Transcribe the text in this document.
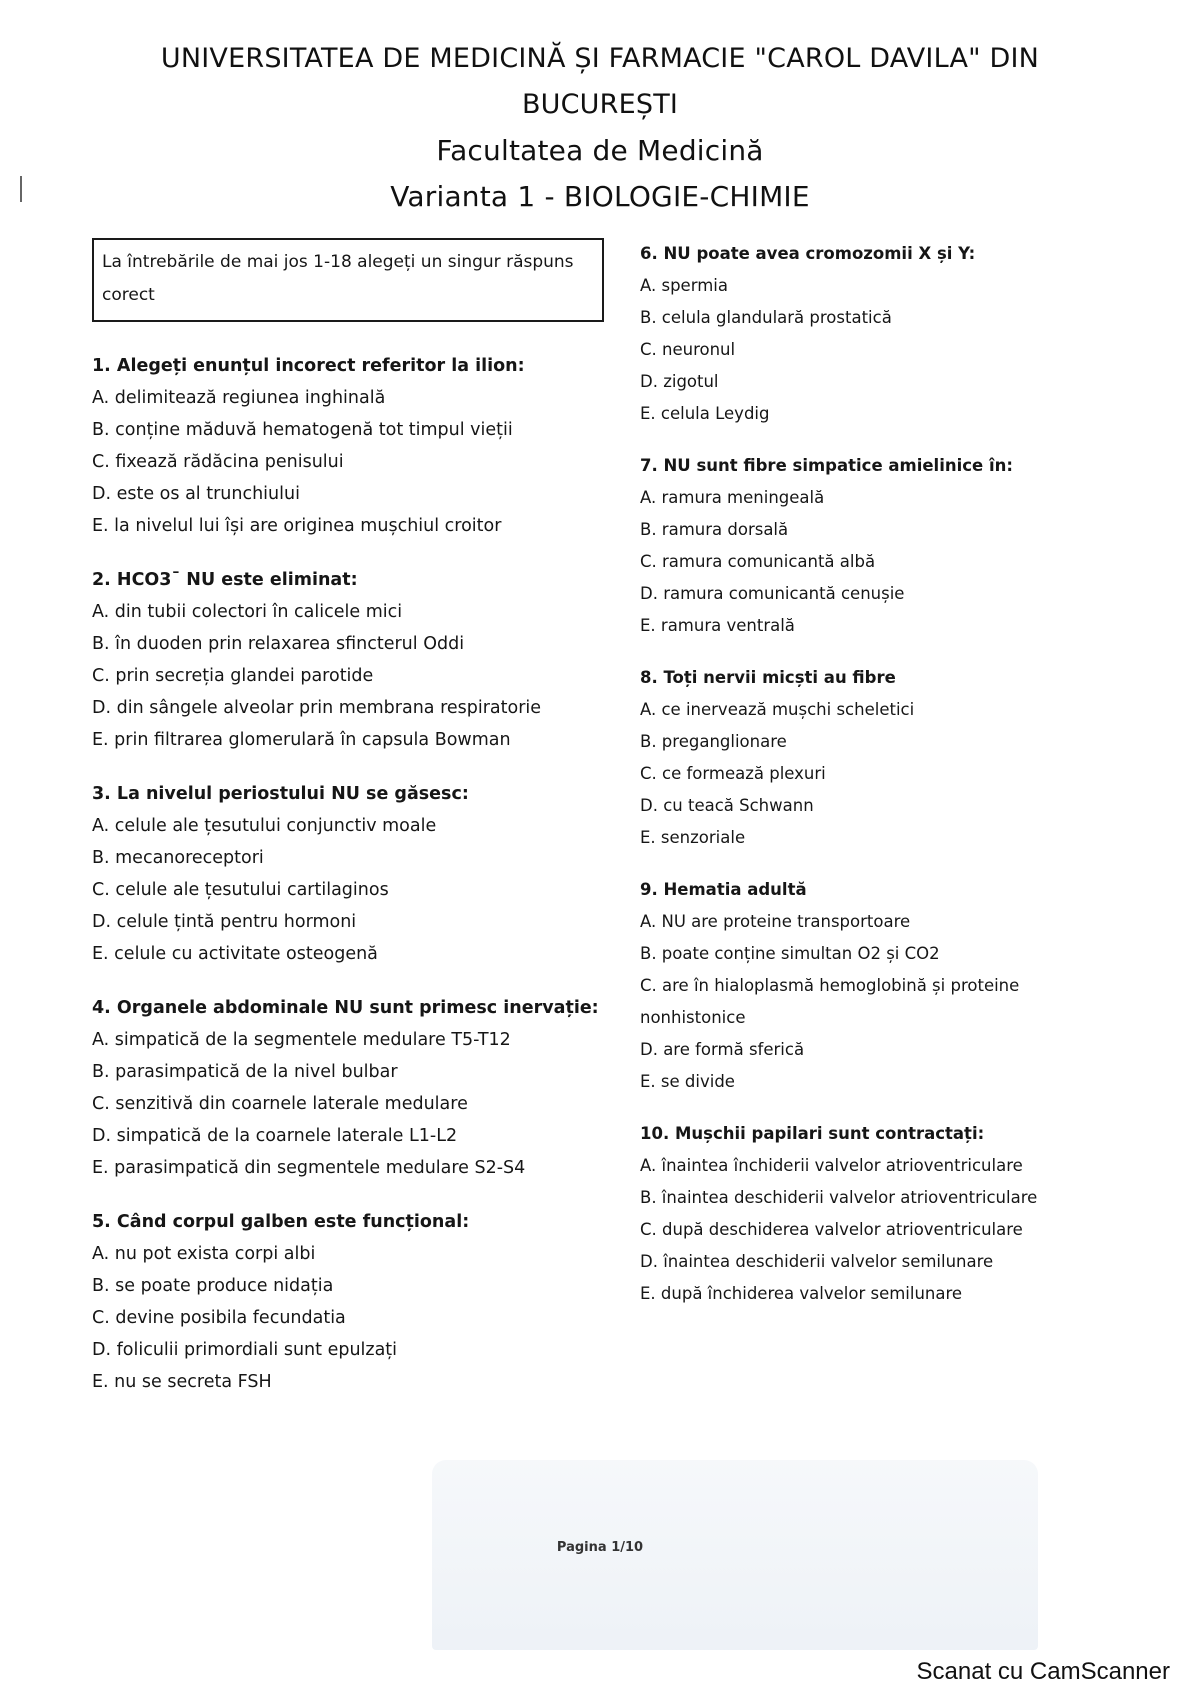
UNIVERSITATEA DE MEDICINĂ ȘI FARMACIE "CAROL DAVILA" DIN
BUCUREȘTI
Facultatea de Medicină
Varianta 1 - BIOLOGIE-CHIMIE
La întrebările de mai jos 1-18 alegeți un singur răspuns corect
1. Alegeți enunțul incorect referitor la ilion:
A. delimitează regiunea inghinală
B. conține măduvă hematogenă tot timpul vieții
C. fixează rădăcina penisului
D. este os al trunchiului
E. la nivelul lui își are originea mușchiul croitor
2. HCO3¯ NU este eliminat:
A. din tubii colectori în calicele mici
B. în duoden prin relaxarea sfincterul Oddi
C. prin secreția glandei parotide
D. din sângele alveolar prin membrana respiratorie
E. prin filtrarea glomerulară în capsula Bowman
3. La nivelul periostului NU se găsesc:
A. celule ale țesutului conjunctiv moale
B. mecanoreceptori
C. celule ale țesutului cartilaginos
D. celule țintă pentru hormoni
E. celule cu activitate osteogenă
4. Organele abdominale NU sunt primesc inervație:
A. simpatică de la segmentele medulare T5-T12
B. parasimpatică de la nivel bulbar
C. senzitivă din coarnele laterale medulare
D. simpatică de la coarnele laterale L1-L2
E. parasimpatică din segmentele medulare S2-S4
5. Când corpul galben este funcțional:
A. nu pot exista corpi albi
B. se poate produce nidația
C. devine posibila fecundatia
D. foliculii primordiali sunt epulzați
E. nu se secreta FSH
6. NU poate avea cromozomii X și Y:
A. spermia
B. celula glandulară prostatică
C. neuronul
D. zigotul
E. celula Leydig
7. NU sunt fibre simpatice amielinice în:
A. ramura meningeală
B. ramura dorsală
C. ramura comunicantă albă
D. ramura comunicantă cenușie
E. ramura ventrală
8. Toți nervii micști au fibre
A. ce inervează mușchi scheletici
B. preganglionare
C. ce formează plexuri
D. cu teacă Schwann
E. senzoriale
9. Hematia adultă
A. NU are proteine transportoare
B. poate conține simultan O2 și CO2
C. are în hialoplasmă hemoglobină și proteine nonhistonice
D. are formă sferică
E. se divide
10. Mușchii papilari sunt contractați:
A. înaintea închiderii valvelor atrioventriculare
B. înaintea deschiderii valvelor atrioventriculare
C. după deschiderea valvelor atrioventriculare
D. înaintea deschiderii valvelor semilunare
E. după închiderea valvelor semilunare
Pagina 1/10
Scanat cu CamScanner
